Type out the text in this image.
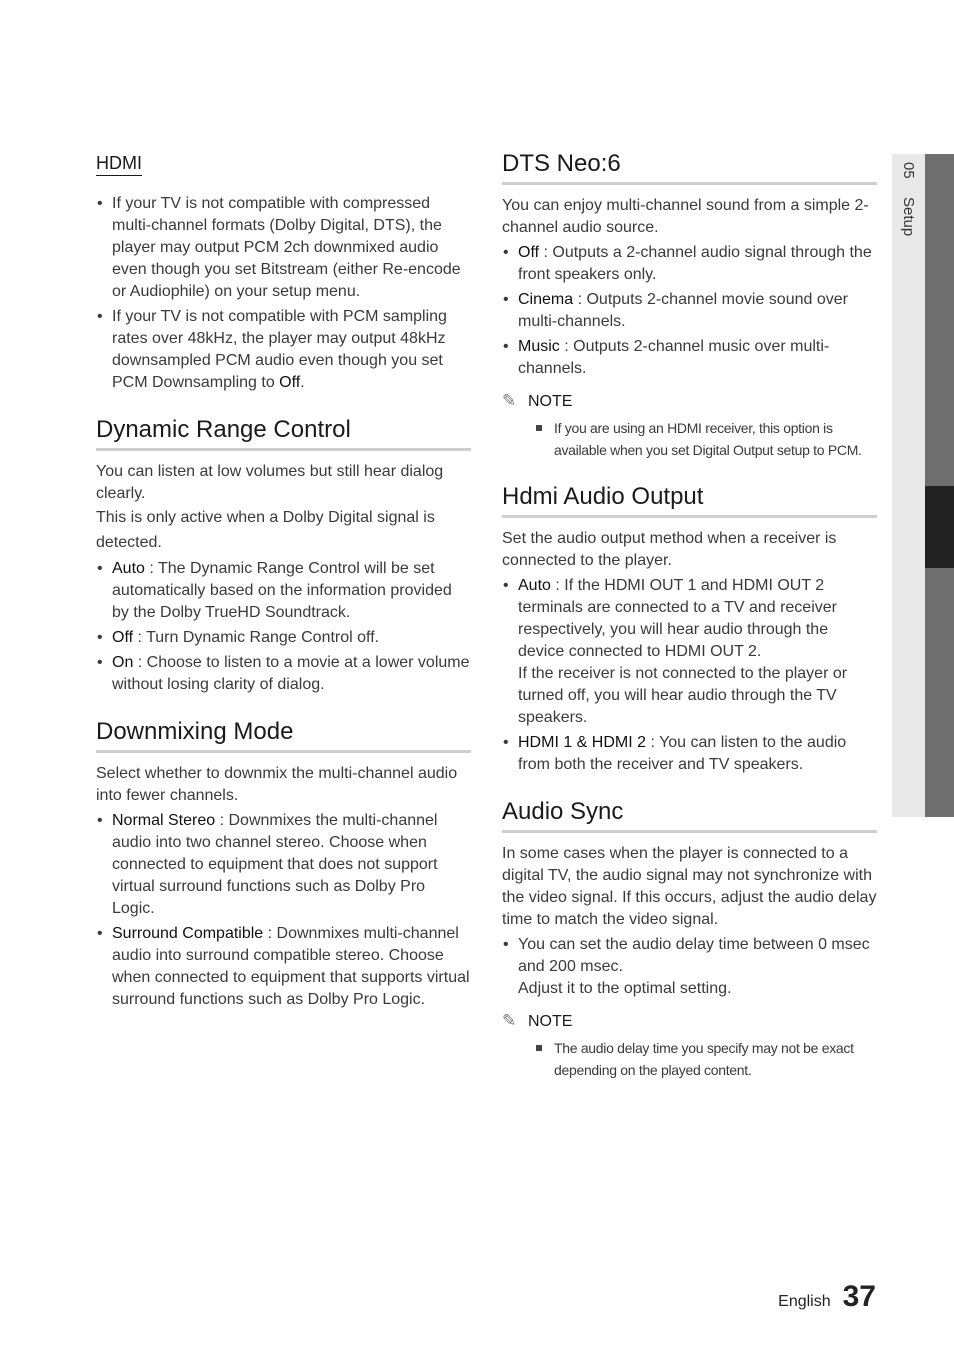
HDMI
• If your TV is not compatible with compressed multi-channel formats (Dolby Digital, DTS), the player may output PCM 2ch downmixed audio even though you set Bitstream (either Re-encode or Audiophile) on your setup menu.
• If your TV is not compatible with PCM sampling rates over 48kHz, the player may output 48kHz downsampled PCM audio even though you set PCM Downsampling to Off.
Dynamic Range Control

You can listen at low volumes but still hear dialog clearly.

This is only active when a Dolby Digital signal is detected.

• Auto : The Dynamic Range Control will be set automatically based on the information provided by the Dolby TrueHD Soundtrack.
• Off : Turn Dynamic Range Control off.
• On : Choose to listen to a movie at a lower volume without losing clarity of dialog.
Downmixing Mode

Select whether to downmix the multi-channel audio into fewer channels.

• Normal Stereo : Downmixes the multi-channel audio into two channel stereo. Choose when connected to equipment that does not support virtual surround functions such as Dolby Pro Logic.
• Surround Compatible : Downmixes multi-channel audio into surround compatible stereo. Choose when connected to equipment that supports virtual surround functions such as Dolby Pro Logic.
DTS Neo:6

You can enjoy multi-channel sound from a simple 2-channel audio source.

• Off : Outputs a 2-channel audio signal through the front speakers only.
• Cinema : Outputs 2-channel movie sound over multi-channels.
• Music : Outputs 2-channel music over multi-channels.
✎ NOTE
If you are using an HDMI receiver, this option is available when you set Digital Output setup to PCM.
Hdmi Audio Output

Set the audio output method when a receiver is connected to the player.

• Auto : If the HDMI OUT 1 and HDMI OUT 2 terminals are connected to a TV and receiver respectively, you will hear audio through the device connected to HDMI OUT 2.
If the receiver is not connected to the player or turned off, you will hear audio through the TV speakers.
• HDMI 1 & HDMI 2 : You can listen to the audio from both the receiver and TV speakers.
Audio Sync

In some cases when the player is connected to a digital TV, the audio signal may not synchronize with the video signal. If this occurs, adjust the audio delay time to match the video signal.

• You can set the audio delay time between 0 msec and 200 msec.
Adjust it to the optimal setting.
✎ NOTE
The audio delay time you specify may not be exact depending on the played content.
05 Setup
English 37
